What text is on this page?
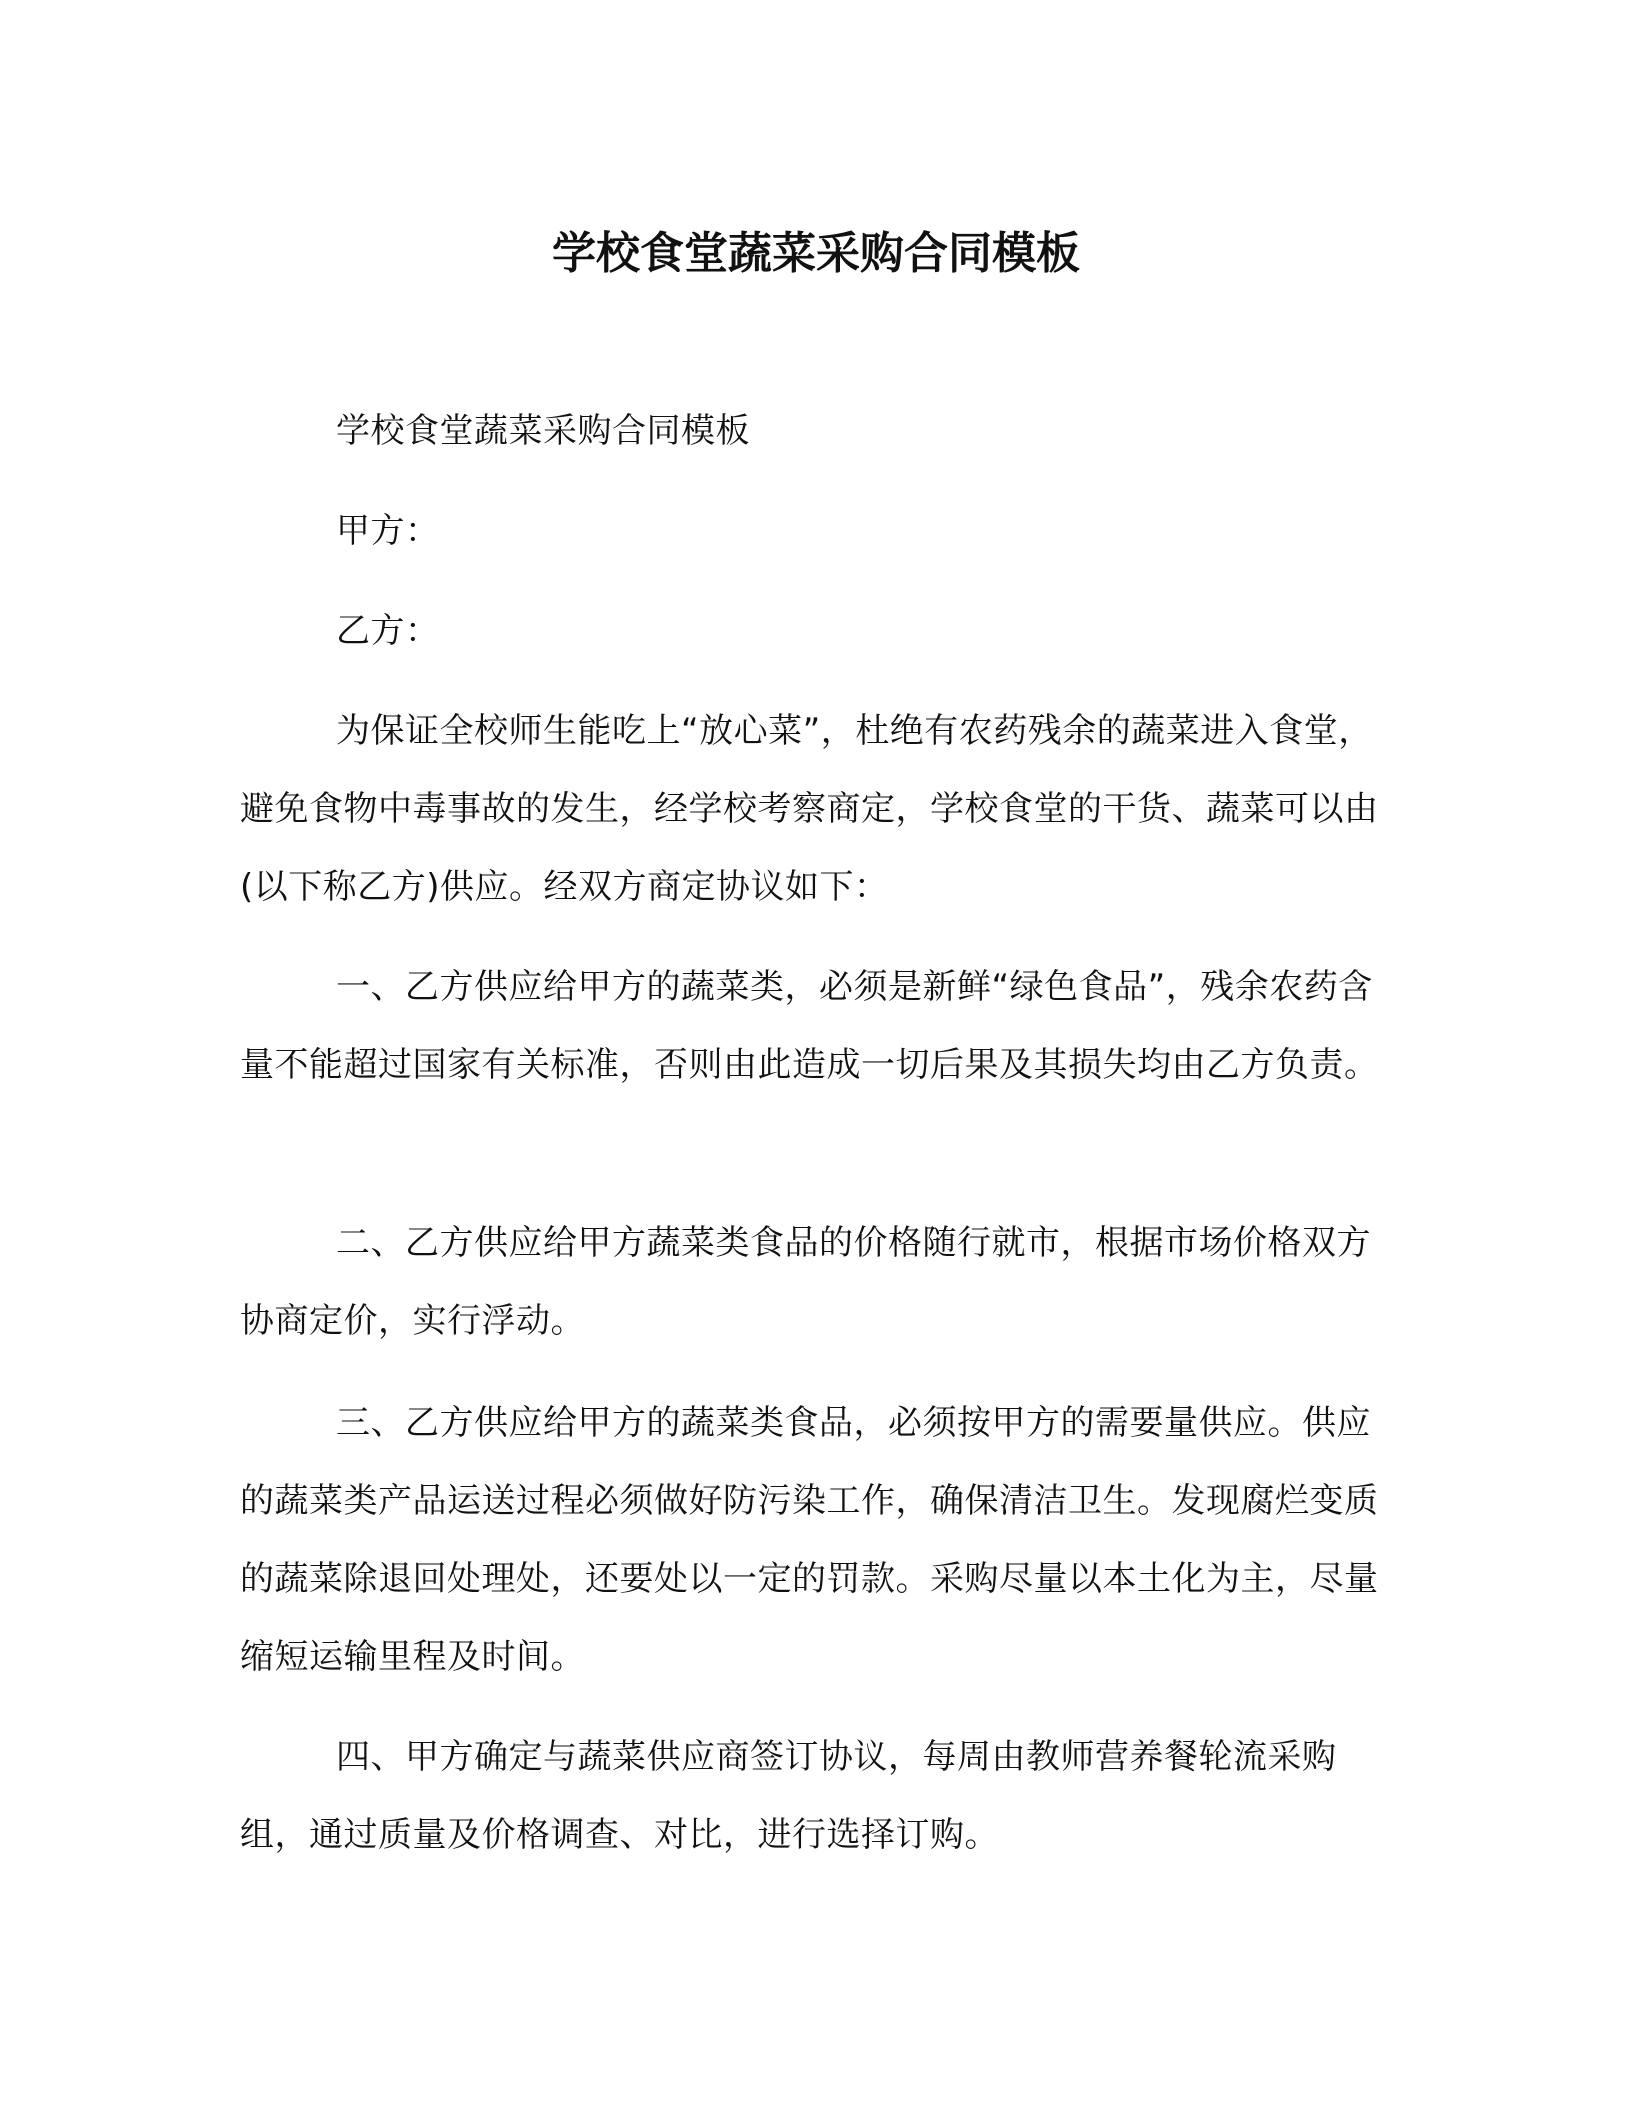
学校食堂蔬菜采购合同模板

学校食堂蔬菜采购合同模板

甲方：

乙方：

为保证全校师生能吃上“放心菜”，杜绝有农药残余的蔬菜进入食堂，避免食物中毒事故的发生，经学校考察商定，学校食堂的干货、蔬菜可以由 (以下称乙方)供应。经双方商定协议如下：

一、乙方供应给甲方的蔬菜类，必须是新鲜“绿色食品”，残余农药含量不能超过国家有关标准，否则由此造成一切后果及其损失均由乙方负责。

二、乙方供应给甲方蔬菜类食品的价格随行就市，根据市场价格双方协商定价，实行浮动。

三、乙方供应给甲方的蔬菜类食品，必须按甲方的需要量供应。供应的蔬菜类产品运送过程必须做好防污染工作，确保清洁卫生。发现腐烂变质的蔬菜除退回处理处，还要处以一定的罚款。采购尽量以本土化为主，尽量缩短运输里程及时间。

四、甲方确定与蔬菜供应商签订协议，每周由教师营养餐轮流采购组，通过质量及价格调查、对比，进行选择订购。
